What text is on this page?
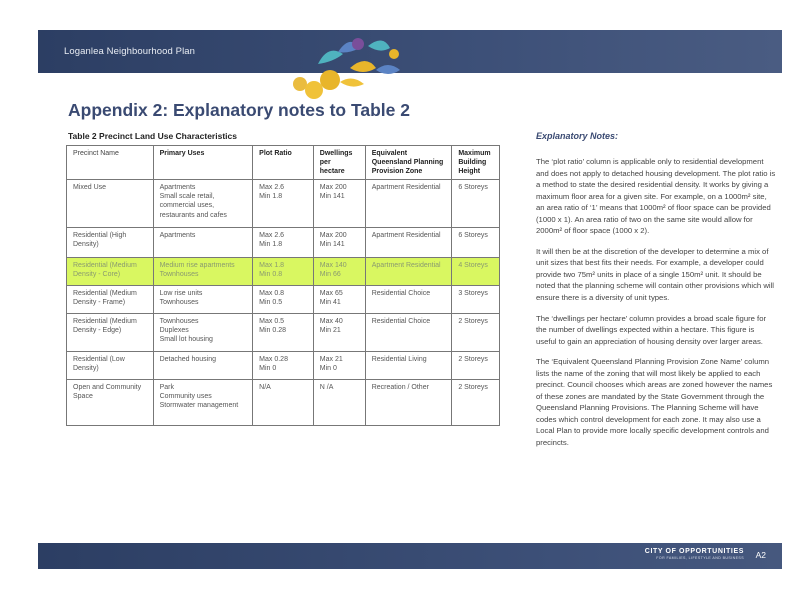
Loganlea Neighbourhood Plan
Appendix 2: Explanatory notes to Table 2
Table 2 Precinct Land Use Characteristics
Precinct Name	Primary Uses	Plot Ratio	Dwellings
per
hectare	Equivalent
Queensland Planning
Provision Zone	Maximum
Building
Height

Mixed Use	Apartments
Small scale retail,
commercial uses,
restaurants and cafes	Max 2.6
Min 1.8	Max 200
Min 141	Apartment Residential	6 Storeys

Residential (High
Density)	Apartments	Max 2.6
Min 1.8	Max 200
Min 141	Apartment Residential	6 Storeys

Residential (Medium
Density - Core)	Medium rise apartments
Townhouses	Max 1.8
Min 0.8	Max 140
Min 66	Apartment Residential	4 Storeys

Residential (Medium
Density - Frame)	Low rise units
Townhouses	Max 0.8
Min 0.5	Max 65
Min 41	Residential Choice	3 Storeys

Residential (Medium
Density - Edge)	Townhouses
Duplexes
Small lot housing	Max 0.5
Min 0.28	Max 40
Min 21	Residential Choice	2 Storeys

Residential (Low
Density)	Detached housing	Max 0.28
Min 0	Max 21
Min 0	Residential Living	2 Storeys

Open and Community
Space	Park
Community uses
Stormwater management	N/A	N /A	Recreation / Other	2 Storeys
Explanatory Notes:

The ‘plot ratio’ column is applicable only to residential development and does not apply to detached housing development. The plot ratio is a method to state the desired residential density. It works by giving a maximum floor area for a given site. For example, on a 1000m² site, an area ratio of ‘1’ means that 1000m² of floor space can be provided (1000 x 1). An area ratio of two on the same site would allow for 2000m² of floor space (1000 x 2).

It will then be at the discretion of the developer to determine a mix of unit sizes that best fits their needs. For example, a developer could provide two 75m² units in place of a single 150m² unit. It should be noted that the planning scheme will contain other provisions which will ensure there is a diversity of unit types.

The ‘dwellings per hectare’ column provides a broad scale figure for the number of dwellings expected within a hectare. This figure is useful to gain an appreciation of housing density over larger areas.

The ‘Equivalent Queensland Planning Provision Zone Name’ column lists the name of the zoning that will most likely be applied to each precinct. Council chooses which areas are zoned however the names of these zones are mandated by the State Government through the Queensland Planning Provisions. The Planning Scheme will have codes which control development for each zone. It may also use a Local Plan to provide more locally specific development controls and precincts.

CITY OF OPPORTUNITIES
FOR FAMILIES, LIFESTYLE AND BUSINESS A2
